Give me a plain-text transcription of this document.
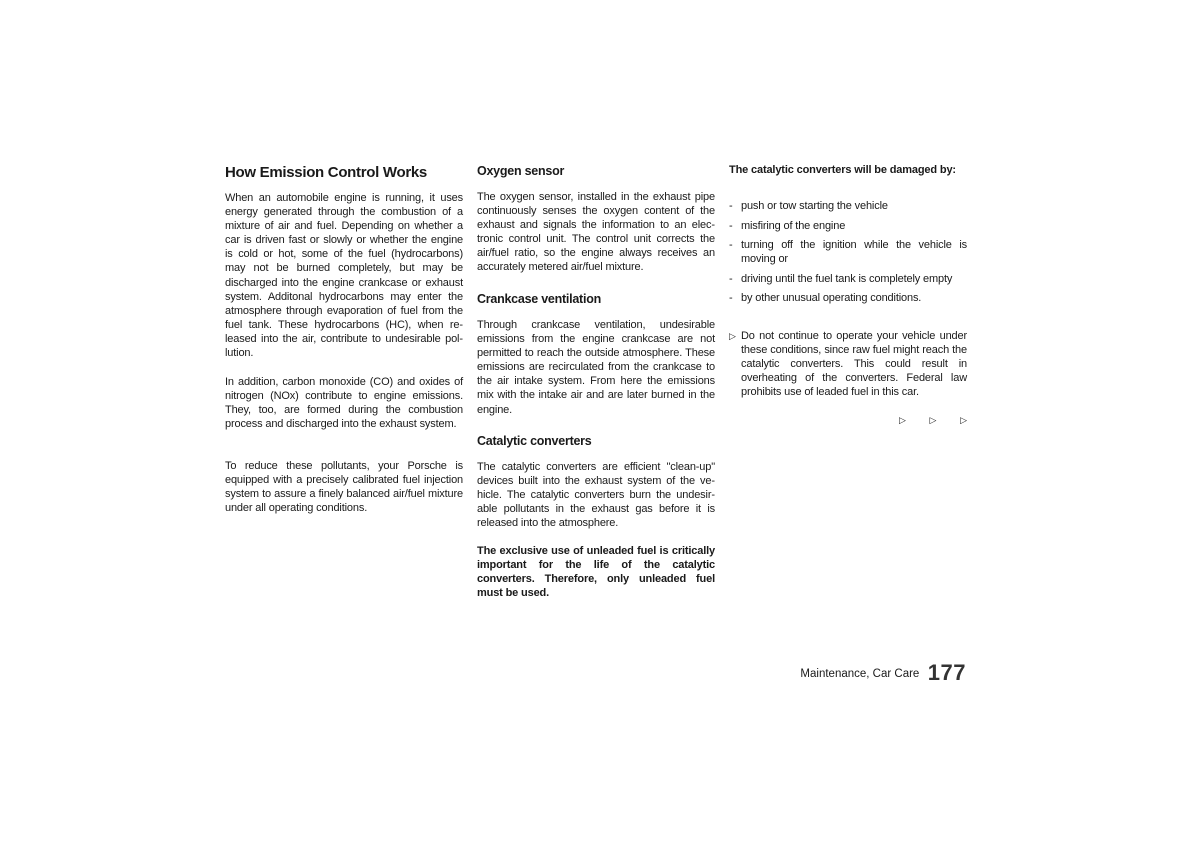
How Emission Control Works

When an automobile engine is running, it uses energy generated through the combustion of a mixture of air and fuel. Depending on whether a car is driven fast or slowly or whether the engine is cold or hot, some of the fuel (hydrocarbons) may not be burned completely, but may be discharged into the engine crankcase or exhaust system. Additonal hydrocarbons may enter the atmosphere through evaporation of fuel from the fuel tank. These hydrocarbons (HC), when released into the air, contribute to undesirable pollution.

In addition, carbon monoxide (CO) and oxides of nitrogen (NOx) contribute to engine emissions. They, too, are formed during the combustion process and discharged into the exhaust system.

To reduce these pollutants, your Porsche is equipped with a precisely calibrated fuel injection system to assure a finely balanced air/fuel mixture under all operating conditions.

Oxygen sensor

The oxygen sensor, installed in the exhaust pipe continuously senses the oxygen content of the exhaust and signals the information to an electronic control unit. The control unit corrects the air/fuel ratio, so the engine always receives an accurately metered air/fuel mixture.

Crankcase ventilation

Through crankcase ventilation, undesirable emissions from the engine crankcase are not permitted to reach the outside atmosphere. These emissions are recirculated from the crankcase to the air intake system. From here the emissions mix with the intake air and are later burned in the engine.

Catalytic converters

The catalytic converters are efficient "clean-up" devices built into the exhaust system of the vehicle. The catalytic converters burn the undesirable pollutants in the exhaust gas before it is released into the atmosphere.

The exclusive use of unleaded fuel is critically important for the life of the catalytic converters. Therefore, only unleaded fuel must be used.

The catalytic converters will be damaged by:

- push or tow starting the vehicle
- misfiring of the engine
- turning off the ignition while the vehicle is moving or
- driving until the fuel tank is completely empty
- by other unusual operating conditions.
▷ Do not continue to operate your vehicle under these conditions, since raw fuel might reach the catalytic converters. This could result in overheating of the converters. Federal law prohibits use of leaded fuel in this car.

▷	▷	▷
Maintenance, Car Care 177
